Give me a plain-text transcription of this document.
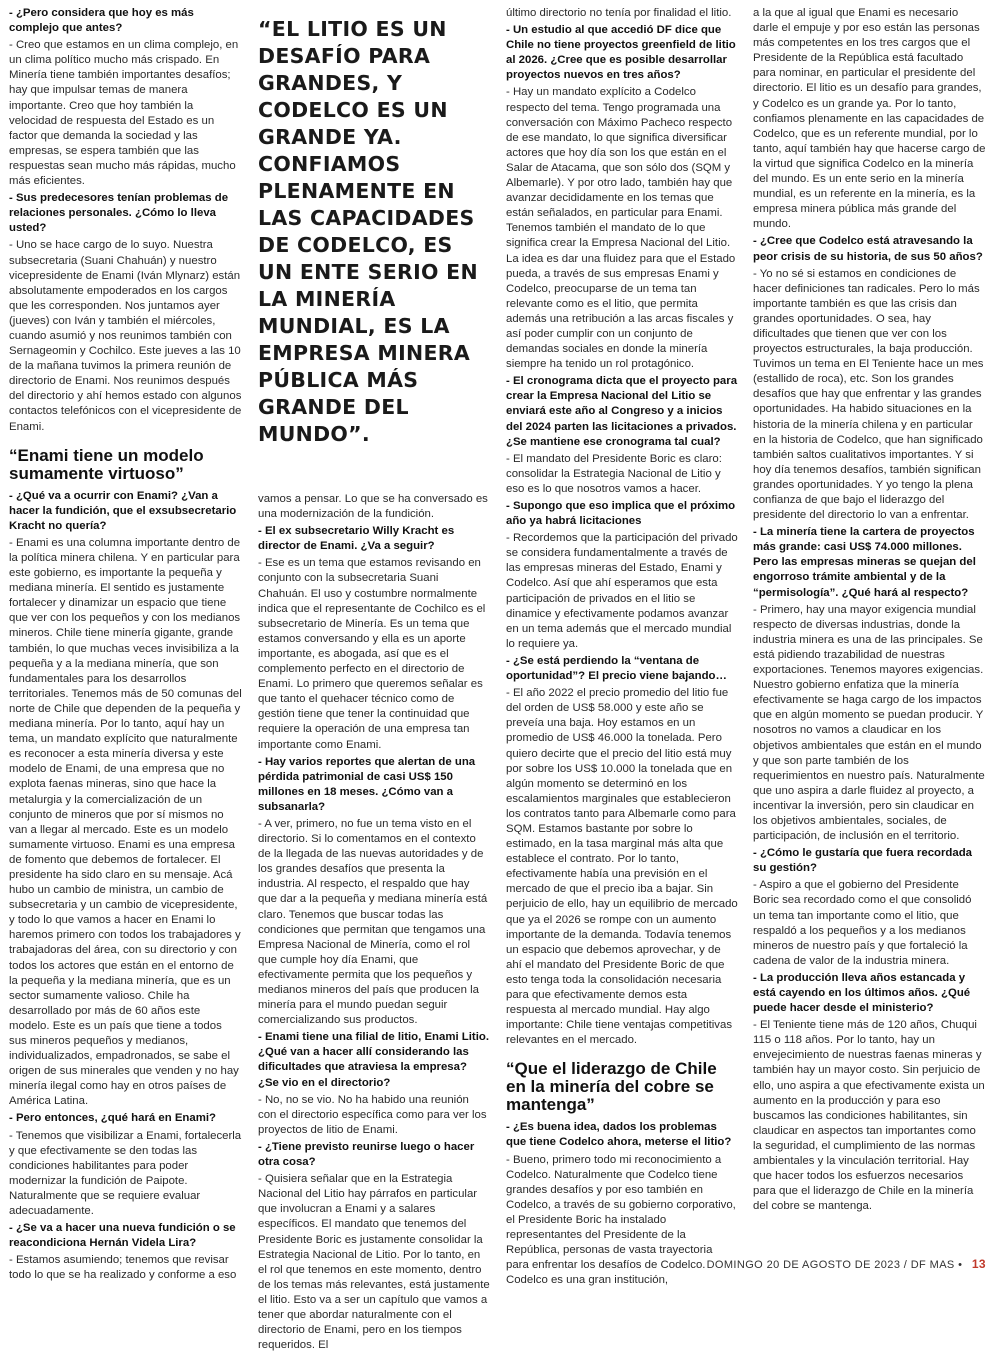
- ¿Pero considera que hoy es más complejo que antes?

- Creo que estamos en un clima complejo, en un clima político mucho más crispado. En Minería tiene también importantes desafíos; hay que impulsar temas de manera importante. Creo que hoy también la velocidad de respuesta del Estado es un factor que demanda la sociedad y las empresas, se espera también que las respuestas sean mucho más rápidas, mucho más eficientes.

- Sus predecesores tenían problemas de relaciones personales. ¿Cómo lo lleva usted?

- Uno se hace cargo de lo suyo. Nuestra subsecretaria (Suani Chahuán) y nuestro vicepresidente de Enami (Iván Mlynarz) están absolutamente empoderados en los cargos que les corresponden. Nos juntamos ayer (jueves) con Iván y también el miércoles, cuando asumió y nos reunimos también con Sernageomin y Cochilco. Este jueves a las 10 de la mañana tuvimos la primera reunión de directorio de Enami. Nos reunimos después del directorio y ahí hemos estado con algunos contactos telefónicos con el vicepresidente de Enami.

“Enami tiene un modelo sumamente virtuoso”

- ¿Qué va a ocurrir con Enami? ¿Van a hacer la fundición, que el exsubsecretario Kracht no quería?

- Enami es una columna importante dentro de la política minera chilena. Y en particular para este gobierno, es importante la pequeña y mediana minería. El sentido es justamente fortalecer y dinamizar un espacio que tiene que ver con los pequeños y con los medianos mineros. Chile tiene minería gigante, grande también, lo que muchas veces invisibiliza a la pequeña y a la mediana minería, que son fundamentales para los desarrollos territoriales. Tenemos más de 50 comunas del norte de Chile que dependen de la pequeña y mediana minería. Por lo tanto, aquí hay un tema, un mandato explícito que naturalmente es reconocer a esta minería diversa y este modelo de Enami, de una empresa que no explota faenas mineras, sino que hace la metalurgia y la comercialización de un conjunto de mineros que por sí mismos no van a llegar al mercado. Este es un modelo sumamente virtuoso. Enami es una empresa de fomento que debemos de fortalecer. El presidente ha sido claro en su mensaje. Acá hubo un cambio de ministra, un cambio de subsecretaria y un cambio de vicepresidente, y todo lo que vamos a hacer en Enami lo haremos primero con todos los trabajadores y trabajadoras del área, con su directorio y con todos los actores que están en el entorno de la pequeña y la mediana minería, que es un sector sumamente valioso. Chile ha desarrollado por más de 60 años este modelo. Este es un país que tiene a todos sus mineros pequeños y medianos, individualizados, empadronados, se sabe el origen de sus minerales que venden y no hay minería ilegal como hay en otros países de América Latina.

- Pero entonces, ¿qué hará en Enami?

- Tenemos que visibilizar a Enami, fortalecerla y que efectivamente se den todas las condiciones habilitantes para poder modernizar la fundición de Paipote. Naturalmente que se requiere evaluar adecuadamente.

- ¿Se va a hacer una nueva fundición o se reacondiciona Hernán Videla Lira?

- Estamos asumiendo; tenemos que revisar todo lo que se ha realizado y conforme a eso

“EL LITIO ES UN DESAFÍO PARA GRANDES, Y CODELCO ES UN GRANDE YA. CONFIAMOS PLENAMENTE EN LAS CAPACIDADES DE CODELCO, ES UN ENTE SERIO EN LA MINERÍA MUNDIAL, ES LA EMPRESA MINERA PÚBLICA MÁS GRANDE DEL MUNDO”.

vamos a pensar. Lo que se ha conversado es una modernización de la fundición.

- El ex subsecretario Willy Kracht es director de Enami. ¿Va a seguir?

- Ese es un tema que estamos revisando en conjunto con la subsecretaria Suani Chahuán. El uso y costumbre normalmente indica que el representante de Cochilco es el subsecretario de Minería. Es un tema que estamos conversando y ella es un aporte importante, es abogada, así que es el complemento perfecto en el directorio de Enami. Lo primero que queremos señalar es que tanto el quehacer técnico como de gestión tiene que tener la continuidad que requiere la operación de una empresa tan importante como Enami.

- Hay varios reportes que alertan de una pérdida patrimonial de casi US$ 150 millones en 18 meses. ¿Cómo van a subsanarla?

- A ver, primero, no fue un tema visto en el directorio. Si lo comentamos en el contexto de la llegada de las nuevas autoridades y de los grandes desafíos que presenta la industria. Al respecto, el respaldo que hay que dar a la pequeña y mediana minería está claro. Tenemos que buscar todas las condiciones que permitan que tengamos una Empresa Nacional de Minería, como el rol que cumple hoy día Enami, que efectivamente permita que los pequeños y medianos mineros del país que producen la minería para el mundo puedan seguir comercializando sus productos.

- Enami tiene una filial de litio, Enami Litio. ¿Qué van a hacer allí considerando las dificultades que atraviesa la empresa? ¿Se vio en el directorio?

- No, no se vio. No ha habido una reunión con el directorio específica como para ver los proyectos de litio de Enami.

- ¿Tiene previsto reunirse luego o hacer otra cosa?

- Quisiera señalar que en la Estrategia Nacional del Litio hay párrafos en particular que involucran a Enami y a salares específicos. El mandato que tenemos del Presidente Boric es justamente consolidar la Estrategia Nacional de Litio. Por lo tanto, en el rol que tenemos en este momento, dentro de los temas más relevantes, está justamente el litio. Esto va a ser un capítulo que vamos a tener que abordar naturalmente con el directorio de Enami, pero en los tiempos requeridos. El

último directorio no tenía por finalidad el litio.

- Un estudio al que accedió DF dice que Chile no tiene proyectos greenfield de litio al 2026. ¿Cree que es posible desarrollar proyectos nuevos en tres años?

- Hay un mandato explícito a Codelco respecto del tema. Tengo programada una conversación con Máximo Pacheco respecto de ese mandato, lo que significa diversificar actores que hoy día son los que están en el Salar de Atacama, que son sólo dos (SQM y Albemarle). Y por otro lado, también hay que avanzar decididamente en los temas que están señalados, en particular para Enami. Tenemos también el mandato de lo que significa crear la Empresa Nacional del Litio. La idea es dar una fluidez para que el Estado pueda, a través de sus empresas Enami y Codelco, preocuparse de un tema tan relevante como es el litio, que permita además una retribución a las arcas fiscales y así poder cumplir con un conjunto de demandas sociales en donde la minería siempre ha tenido un rol protagónico.

- El cronograma dicta que el proyecto para crear la Empresa Nacional del Litio se enviará este año al Congreso y a inicios del 2024 parten las licitaciones a privados. ¿Se mantiene ese cronograma tal cual?

- El mandato del Presidente Boric es claro: consolidar la Estrategia Nacional de Litio y eso es lo que nosotros vamos a hacer.

- Supongo que eso implica que el próximo año ya habrá licitaciones

- Recordemos que la participación del privado se considera fundamentalmente a través de las empresas mineras del Estado, Enami y Codelco. Así que ahí esperamos que esta participación de privados en el litio se dinamice y efectivamente podamos avanzar en un tema además que el mercado mundial lo requiere ya.

- ¿Se está perdiendo la “ventana de oportunidad”? El precio viene bajando…

- El año 2022 el precio promedio del litio fue del orden de US$ 58.000 y este año se preveía una baja. Hoy estamos en un promedio de US$ 46.000 la tonelada. Pero quiero decirte que el precio del litio está muy por sobre los US$ 10.000 la tonelada que en algún momento se determinó en los escalamientos marginales que establecieron los contratos tanto para Albemarle como para SQM. Estamos bastante por sobre lo estimado, en la tasa marginal más alta que establece el contrato. Por lo tanto, efectivamente había una previsión en el mercado de que el precio iba a bajar. Sin perjuicio de ello, hay un equilibrio de mercado que ya el 2026 se rompe con un aumento importante de la demanda. Todavía tenemos un espacio que debemos aprovechar, y de ahí el mandato del Presidente Boric de que esto tenga toda la consolidación necesaria para que efectivamente demos esta respuesta al mercado mundial. Hay algo importante: Chile tiene ventajas competitivas relevantes en el mercado.

“Que el liderazgo de Chile en la minería del cobre se mantenga”

- ¿Es buena idea, dados los problemas que tiene Codelco ahora, meterse el litio?

- Bueno, primero todo mi reconocimiento a Codelco. Naturalmente que Codelco tiene grandes desafíos y por eso también en Codelco, a través de su gobierno corporativo, el Presidente Boric ha instalado representantes del Presidente de la República, personas de vasta trayectoria para enfrentar los desafíos de Codelco. Codelco es una gran institución,

a la que al igual que Enami es necesario darle el empuje y por eso están las personas más competentes en los tres cargos que el Presidente de la República está facultado para nominar, en particular el presidente del directorio. El litio es un desafío para grandes, y Codelco es un grande ya. Por lo tanto, confiamos plenamente en las capacidades de Codelco, que es un referente mundial, por lo tanto, aquí también hay que hacerse cargo de la virtud que significa Codelco en la minería del mundo. Es un ente serio en la minería mundial, es un referente en la minería, es la empresa minera pública más grande del mundo.

- ¿Cree que Codelco está atravesando la peor crisis de su historia, de sus 50 años?

- Yo no sé si estamos en condiciones de hacer definiciones tan radicales. Pero lo más importante también es que las crisis dan grandes oportunidades. O sea, hay dificultades que tienen que ver con los proyectos estructurales, la baja producción. Tuvimos un tema en El Teniente hace un mes (estallido de roca), etc. Son los grandes desafíos que hay que enfrentar y las grandes oportunidades. Ha habido situaciones en la historia de la minería chilena y en particular en la historia de Codelco, que han significado también saltos cualitativos importantes. Y si hoy día tenemos desafíos, también significan grandes oportunidades. Y yo tengo la plena confianza de que bajo el liderazgo del presidente del directorio lo van a enfrentar.

- La minería tiene la cartera de proyectos más grande: casi US$ 74.000 millones. Pero las empresas mineras se quejan del engorroso trámite ambiental y de la “permisología”. ¿Qué hará al respecto?

- Primero, hay una mayor exigencia mundial respecto de diversas industrias, donde la industria minera es una de las principales. Se está pidiendo trazabilidad de nuestras exportaciones. Tenemos mayores exigencias. Nuestro gobierno enfatiza que la minería efectivamente se haga cargo de los impactos que en algún momento se puedan producir. Y nosotros no vamos a claudicar en los objetivos ambientales que están en el mundo y que son parte también de los requerimientos en nuestro país. Naturalmente que uno aspira a darle fluidez al proyecto, a incentivar la inversión, pero sin claudicar en los objetivos ambientales, sociales, de participación, de inclusión en el territorio.

- ¿Cómo le gustaría que fuera recordada su gestión?

- Aspiro a que el gobierno del Presidente Boric sea recordado como el que consolidó un tema tan importante como el litio, que respaldó a los pequeños y a los medianos mineros de nuestro país y que fortaleció la cadena de valor de la industria minera.

- La producción lleva años estancada y está cayendo en los últimos años. ¿Qué puede hacer desde el ministerio?

- El Teniente tiene más de 120 años, Chuqui 115 o 118 años. Por lo tanto, hay un envejecimiento de nuestras faenas mineras y también hay un mayor costo. Sin perjuicio de ello, uno aspira a que efectivamente exista un aumento en la producción y para eso buscamos las condiciones habilitantes, sin claudicar en aspectos tan importantes como la seguridad, el cumplimiento de las normas ambientales y la vinculación territorial. Hay que hacer todos los esfuerzos necesarios para que el liderazgo de Chile en la minería del cobre se mantenga.

DOMINGO 20 DE AGOSTO DE 2023 / DF MAS • 13
